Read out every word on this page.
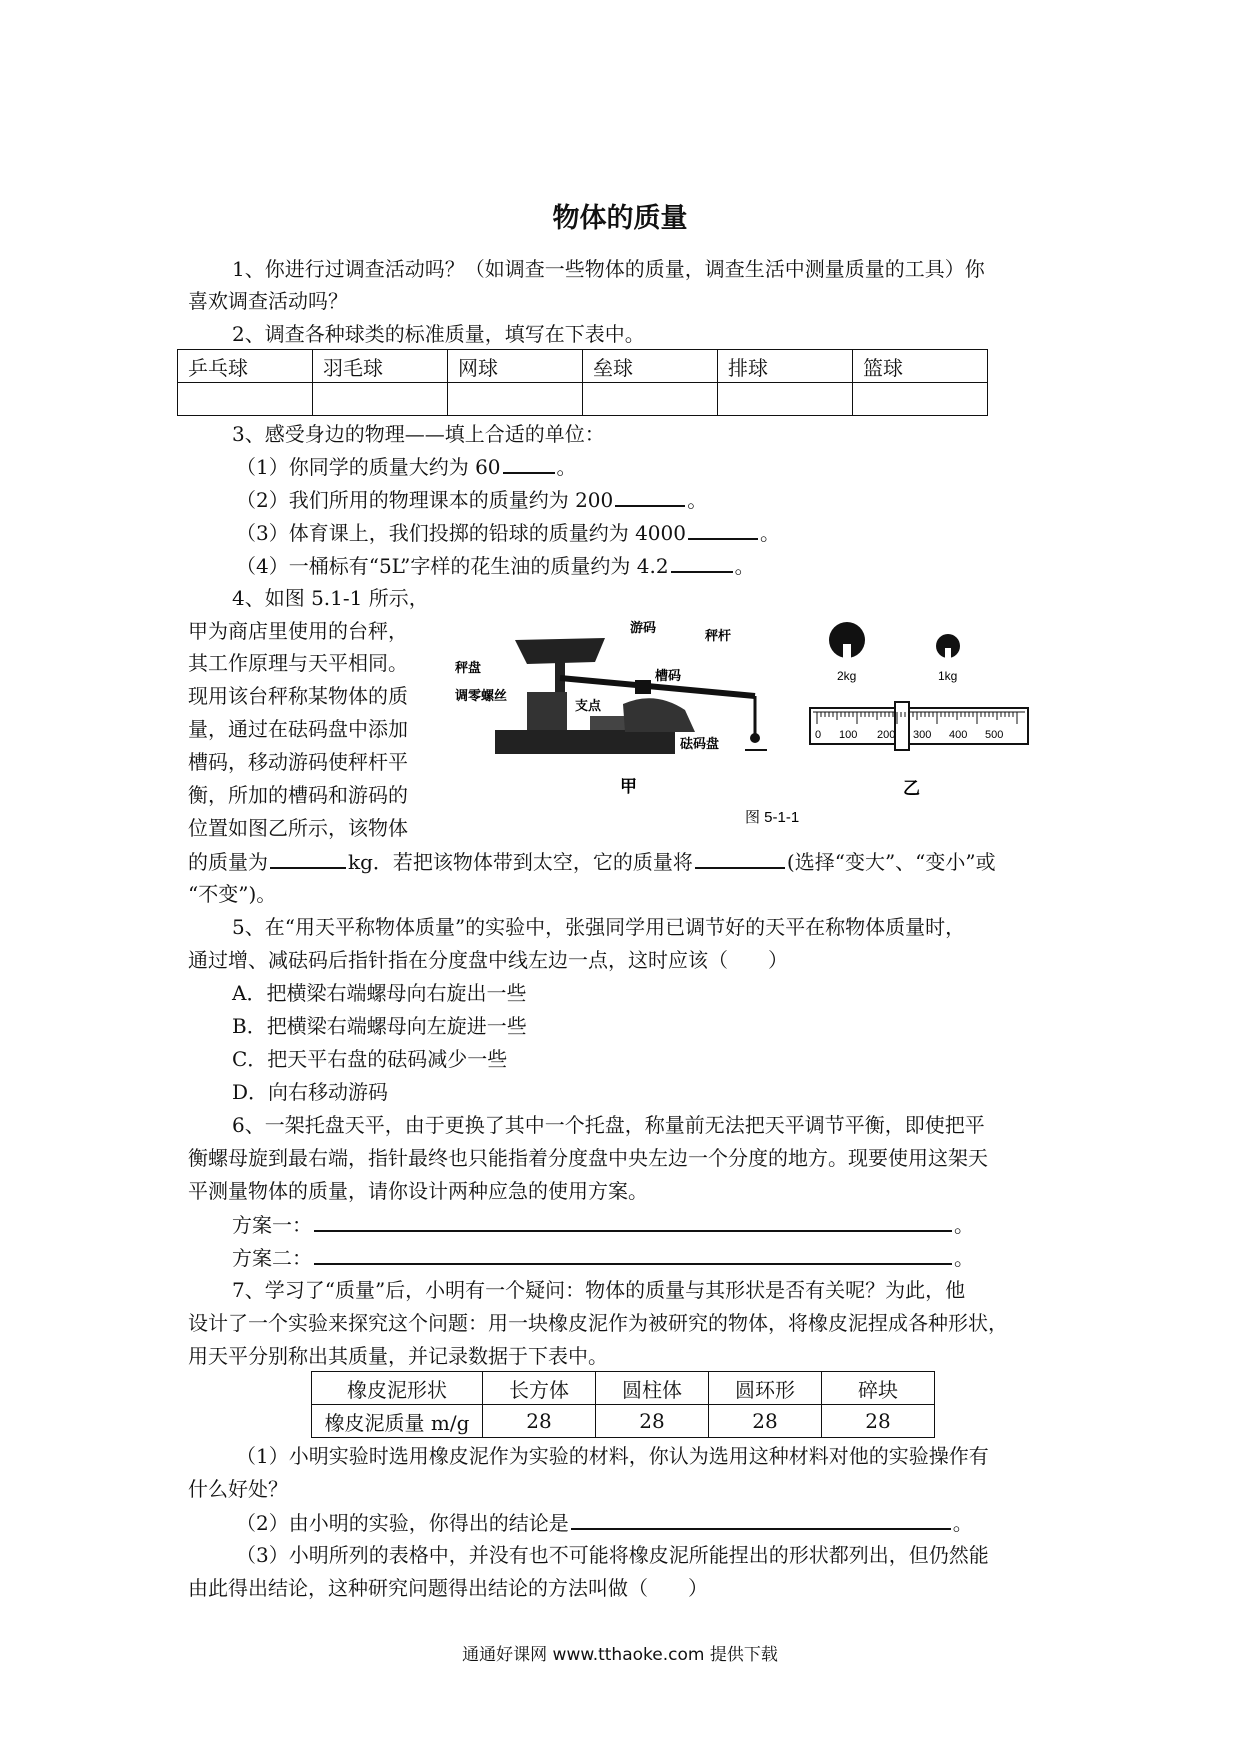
物体的质量
1、你进行过调查活动吗？（如调查一些物体的质量，调查生活中测量质量的工具）你
喜欢调查活动吗？
2、调查各种球类的标准质量，填写在下表中。
乒乓球	羽毛球	网球	垒球	排球	篮球

3、感受身边的物理——填上合适的单位：
（1）你同学的质量大约为 60	。
（2）我们所用的物理课本的质量约为 200	。
（3）体育课上，我们投掷的铅球的质量约为 4000	。
（4）一桶标有“5L”字样的花生油的质量约为 4.2	。
4、如图 5.1-1 所示，
甲为商店里使用的台秤，
其工作原理与天平相同。
现用该台秤称某物体的质
量，通过在砝码盘中添加
槽码，移动游码使秤杆平
衡，所加的槽码和游码的
位置如图乙所示，该物体
的质量为	kg．若把该物体带到太空，它的质量将	(选择“变大”、“变小”或
“不变”)。
秤盘
调零螺丝
游码
秤杆
槽码
支点
砝码盘
甲
2kg	1kg
0 100 200 300 400 500
乙
图 5-1-1
5、在“用天平称物体质量”的实验中，张强同学用已调节好的天平在称物体质量时，
通过增、减砝码后指针指在分度盘中线左边一点，这时应该（　　）
A．把横梁右端螺母向右旋出一些
B．把横梁右端螺母向左旋进一些
C．把天平右盘的砝码减少一些
D．向右移动游码
6、一架托盘天平，由于更换了其中一个托盘，称量前无法把天平调节平衡，即使把平
衡螺母旋到最右端，指针最终也只能指着分度盘中央左边一个分度的地方。现要使用这架天
平测量物体的质量，请你设计两种应急的使用方案。
方案一：	。
方案二：	。
7、学习了“质量”后，小明有一个疑问：物体的质量与其形状是否有关呢？为此，他
设计了一个实验来探究这个问题：用一块橡皮泥作为被研究的物体，将橡皮泥捏成各种形状，
用天平分别称出其质量，并记录数据于下表中。
橡皮泥形状	长方体	圆柱体	圆环形	碎块
橡皮泥质量 m/g	28	28	28	28
（1）小明实验时选用橡皮泥作为实验的材料，你认为选用这种材料对他的实验操作有
什么好处？
（2）由小明的实验，你得出的结论是	。
（3）小明所列的表格中，并没有也不可能将橡皮泥所能捏出的形状都列出，但仍然能
由此得出结论，这种研究问题得出结论的方法叫做（　　）
通通好课网 www.tthaoke.com 提供下载
